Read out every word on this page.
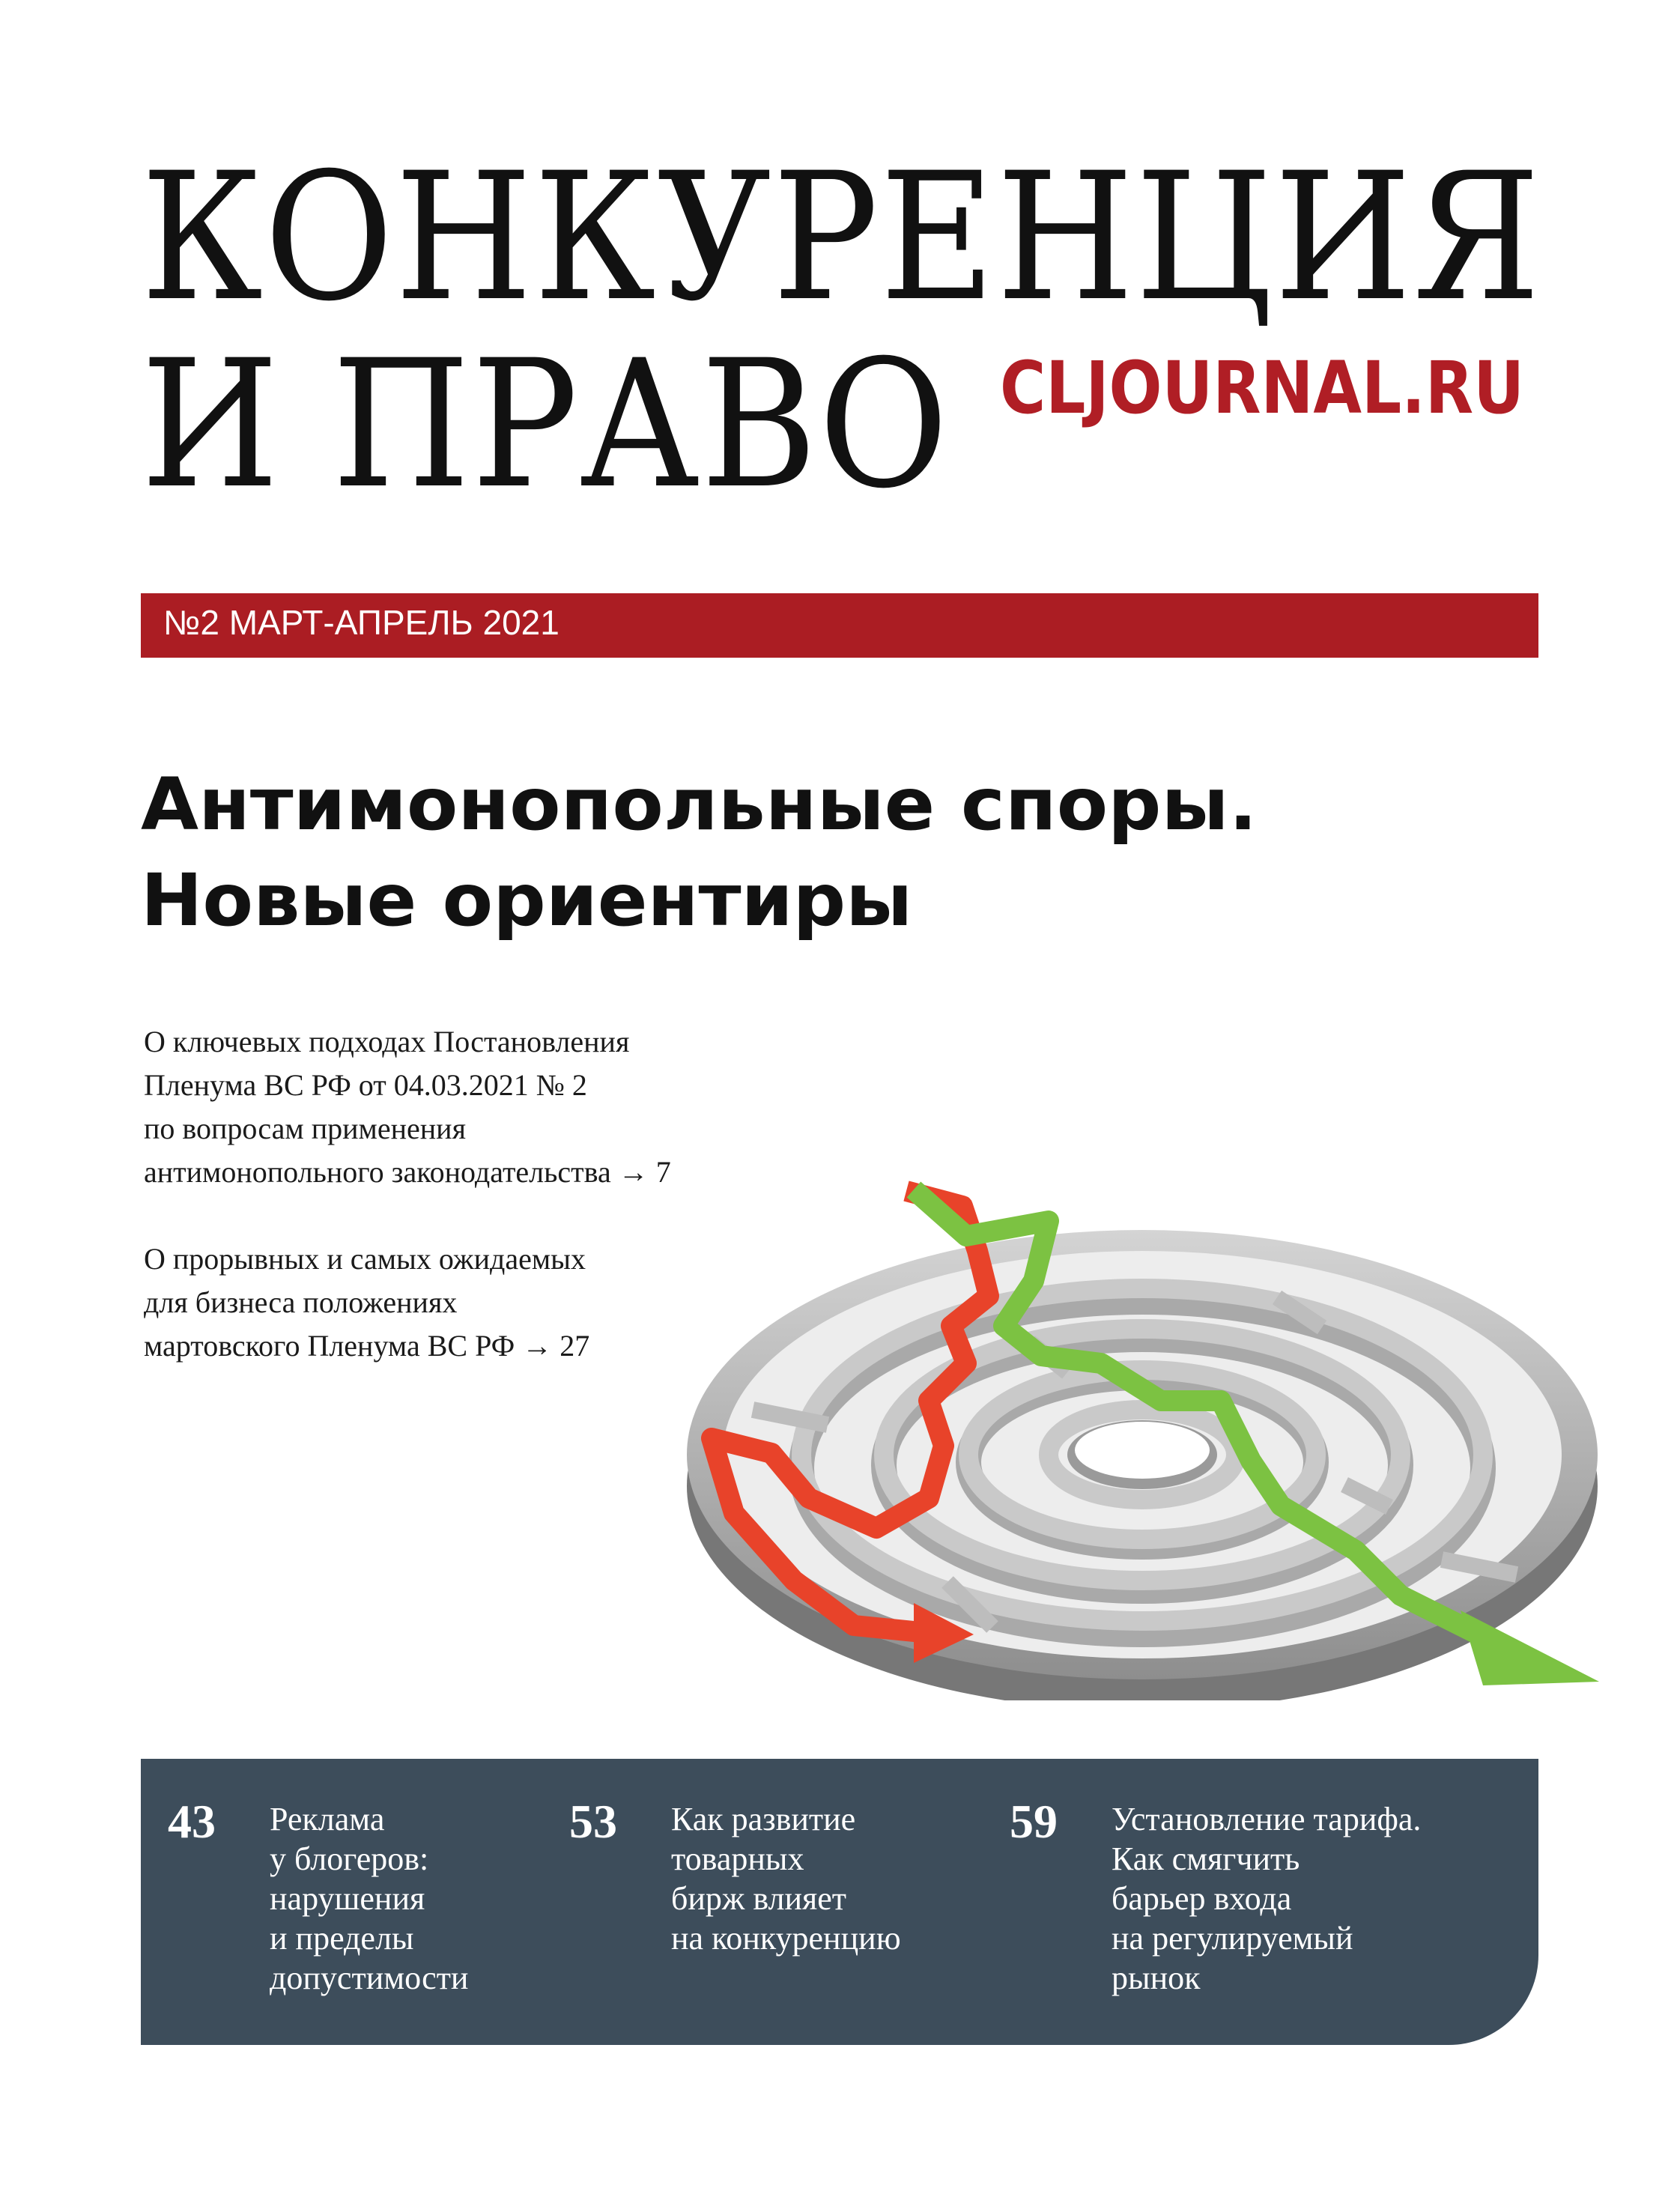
КОНКУРЕНЦИЯ
И ПРАВО CLJOURNAL.RU
№2 МАРТ-АПРЕЛЬ 2021
Антимонопольные споры.
Новые ориентиры
О ключевых подходах Постановления
Пленума ВС РФ от 04.03.2021 № 2
по вопросам применения
антимонопольного законодательства → 7
О прорывных и самых ожидаемых
для бизнеса положениях
мартовского Пленума ВС РФ → 27
43 Реклама
у блогеров:
нарушения
и пределы
допустимости
53 Как развитие
товарных
бирж влияет
на конкуренцию
59 Установление тарифа.
Как смягчить
барьер входа
на регулируемый
рынок
